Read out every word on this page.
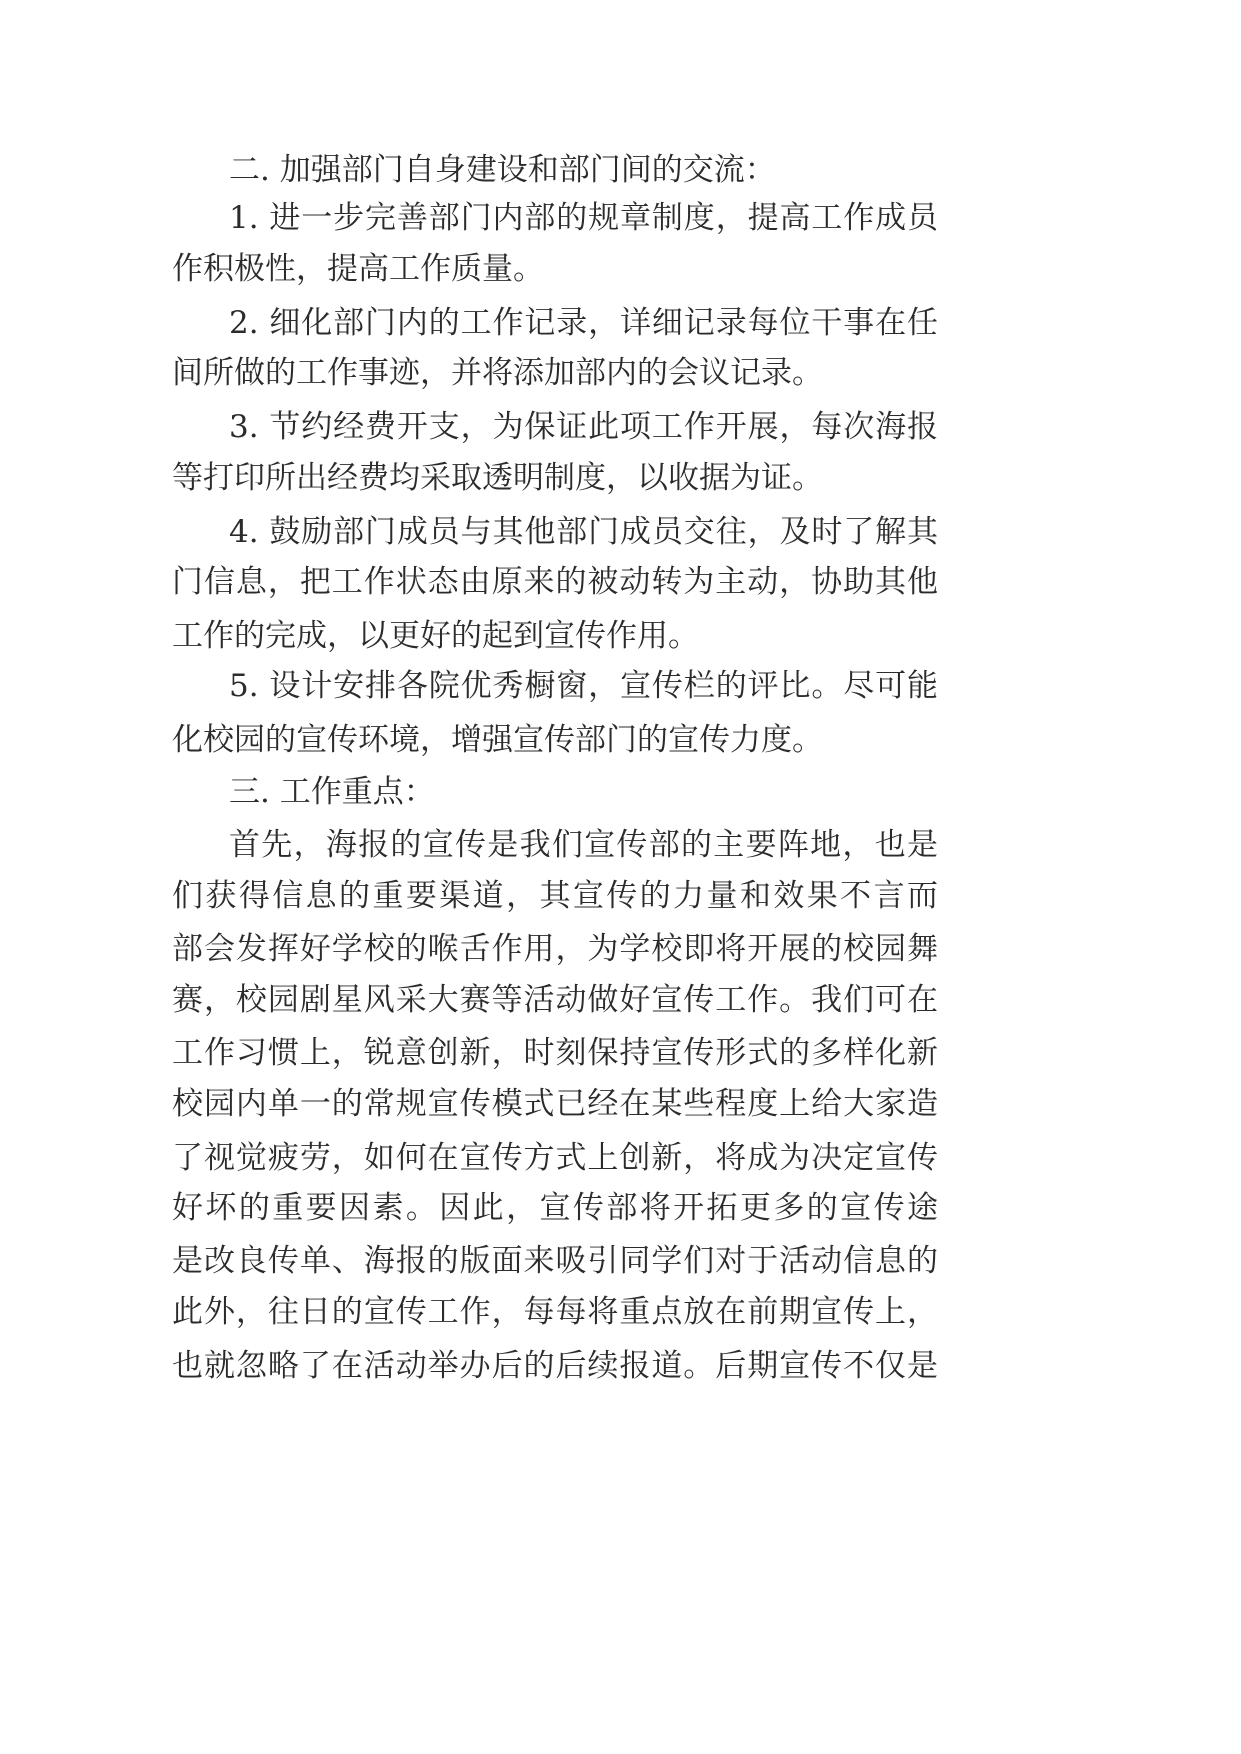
二. 加强部门自身建设和部门间的交流：
1. 进一步完善部门内部的规章制度，提高工作成员
作积极性，提高工作质量。
2. 细化部门内的工作记录，详细记录每位干事在任
间所做的工作事迹，并将添加部内的会议记录。
3. 节约经费开支，为保证此项工作开展，每次海报
等打印所出经费均采取透明制度，以收据为证。
4. 鼓励部门成员与其他部门成员交往，及时了解其
门信息，把工作状态由原来的被动转为主动，协助其他
工作的完成，以更好的起到宣传作用。
5. 设计安排各院优秀橱窗，宣传栏的评比。尽可能
化校园的宣传环境，增强宣传部门的宣传力度。
三. 工作重点：
首先，海报的宣传是我们宣传部的主要阵地，也是
们获得信息的重要渠道，其宣传的力量和效果不言而
部会发挥好学校的喉舌作用，为学校即将开展的校园舞
赛，校园剧星风采大赛等活动做好宣传工作。我们可在
工作习惯上，锐意创新，时刻保持宣传形式的多样化新
校园内单一的常规宣传模式已经在某些程度上给大家造
了视觉疲劳，如何在宣传方式上创新，将成为决定宣传
好坏的重要因素。因此，宣传部将开拓更多的宣传途
是改良传单、海报的版面来吸引同学们对于活动信息的
此外，往日的宣传工作，每每将重点放在前期宣传上，
也就忽略了在活动举办后的后续报道。后期宣传不仅是
